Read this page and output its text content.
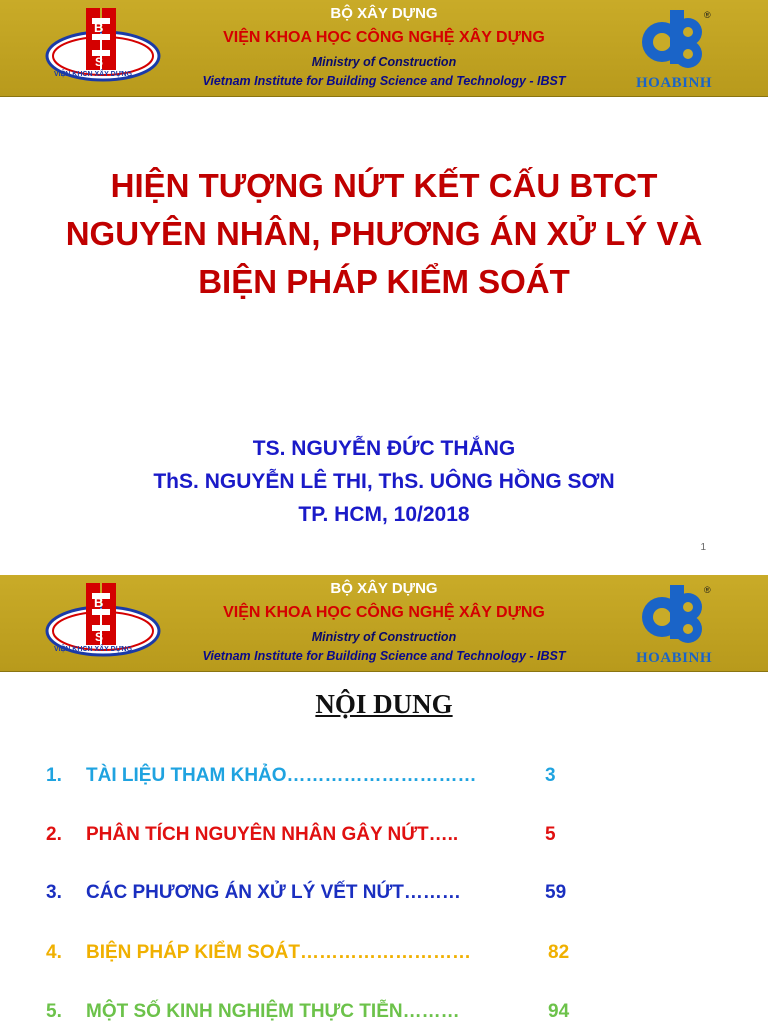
B
S
VIỆN KHCN XÂY DỰNG
BỘ XÂY DỰNG
VIỆN KHOA HỌC CÔNG NGHỆ XÂY DỰNG
Ministry of Construction
Vietnam Institute for Building Science and Technology - IBST
®
HOABINH
HIỆN TƯỢNG NỨT KẾT CẤU BTCT
NGUYÊN NHÂN, PHƯƠNG ÁN XỬ LÝ VÀ
BIỆN PHÁP KIỂM SOÁT
TS. NGUYỄN ĐỨC THẮNG
ThS. NGUYỄN LÊ THI, ThS. UÔNG HỒNG SƠN
TP. HCM, 10/2018
1
B
S
VIỆN KHCN XÂY DỰNG
BỘ XÂY DỰNG
VIỆN KHOA HỌC CÔNG NGHỆ XÂY DỰNG
Ministry of Construction
Vietnam Institute for Building Science and Technology - IBST
®
HOABINH
NỘI DUNG
1. TÀI LIỆU THAM KHẢO…………………………	3
2. PHÂN TÍCH NGUYÊN NHÂN GÂY NỨT…..	5
3. CÁC PHƯƠNG ÁN XỬ LÝ VẾT NỨT………	59
4. BIỆN PHÁP KIỂM SOÁT………………………	82
5. MỘT SỐ KINH NGHIỆM THỰC TIỄN………	94
